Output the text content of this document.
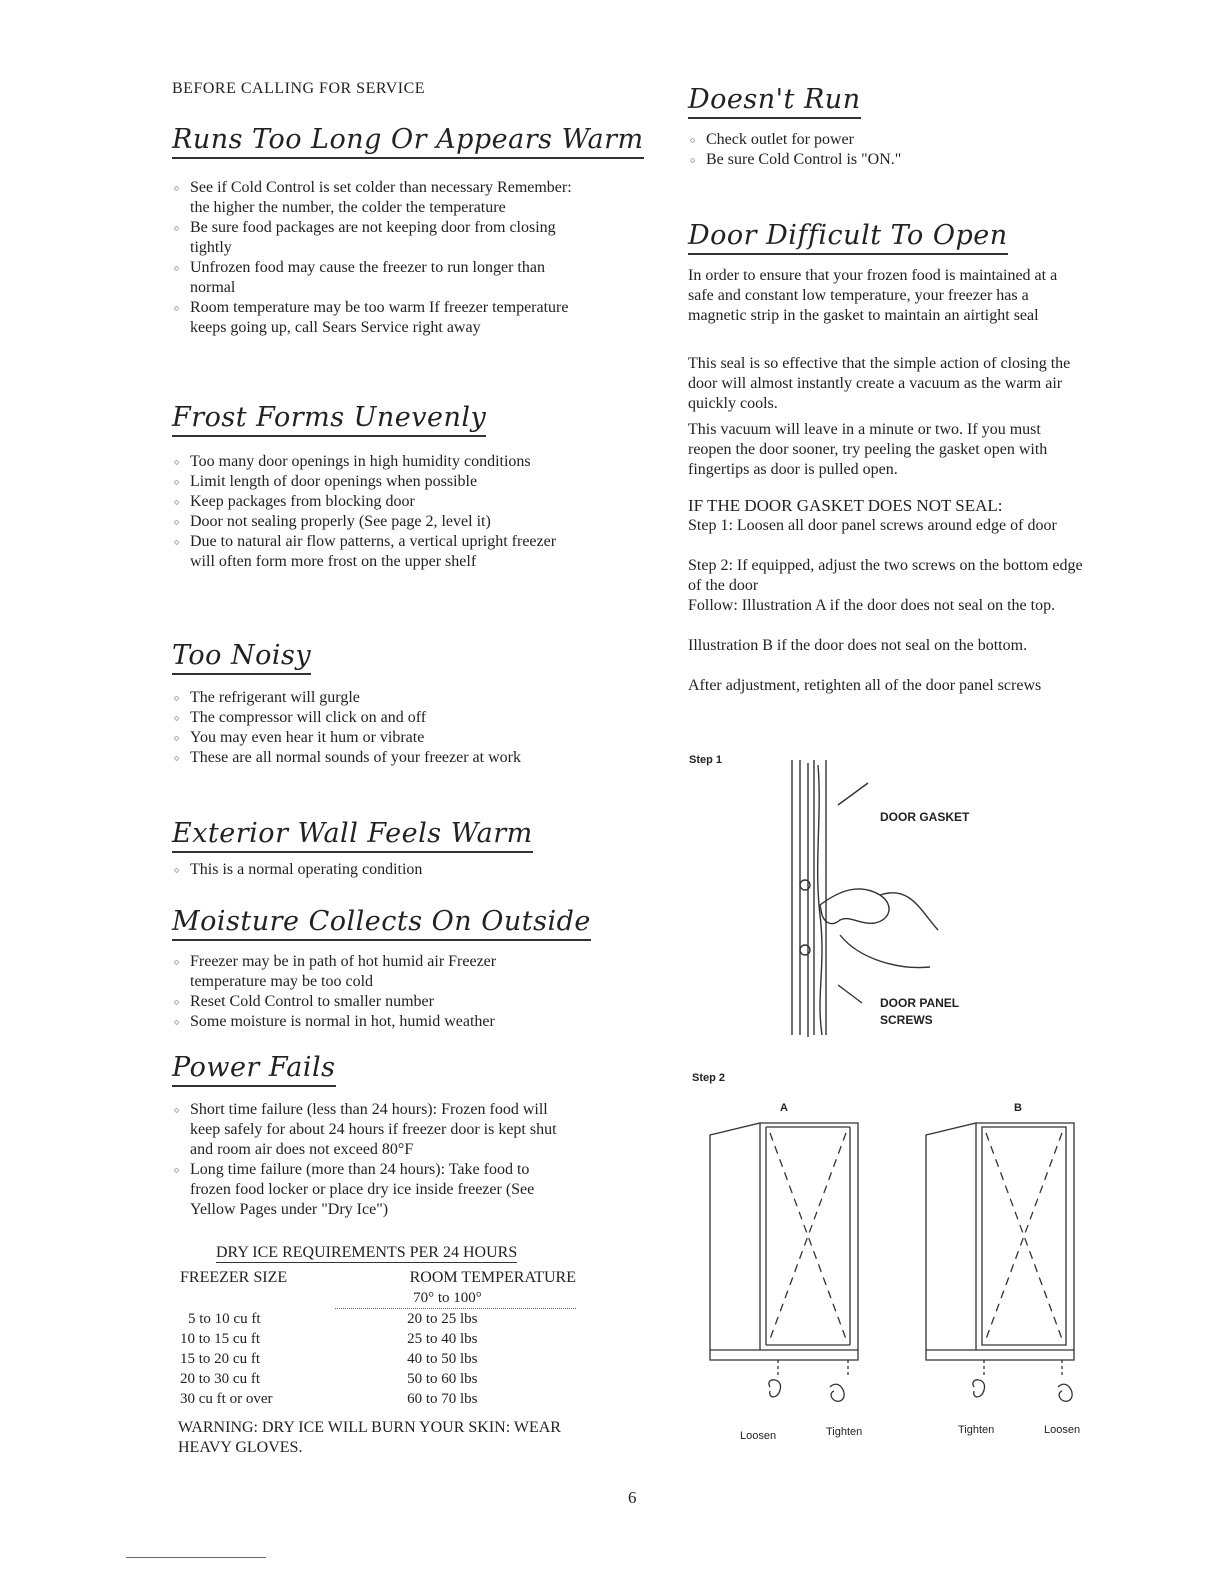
BEFORE CALLING FOR SERVICE
Runs Too Long Or Appears Warm
○ See if Cold Control is set colder than necessary Remember: the higher the number, the colder the temperature
○ Be sure food packages are not keeping door from closing tightly
○ Unfrozen food may cause the freezer to run longer than normal
○ Room temperature may be too warm If freezer temperature keeps going up, call Sears Service right away
Frost Forms Unevenly
○ Too many door openings in high humidity conditions
○ Limit length of door openings when possible
○ Keep packages from blocking door
○ Door not sealing properly (See page 2, level it)
○ Due to natural air flow patterns, a vertical upright freezer will often form more frost on the upper shelf
Too Noisy
○ The refrigerant will gurgle
○ The compressor will click on and off
○ You may even hear it hum or vibrate
○ These are all normal sounds of your freezer at work
Exterior Wall Feels Warm
○ This is a normal operating condition
Moisture Collects On Outside
○ Freezer may be in path of hot humid air Freezer temperature may be too cold
○ Reset Cold Control to smaller number
○ Some moisture is normal in hot, humid weather
Power Fails
○ Short time failure (less than 24 hours): Frozen food will keep safely for about 24 hours if freezer door is kept shut and room air does not exceed 80°F
○ Long time failure (more than 24 hours): Take food to frozen food locker or place dry ice inside freezer (See Yellow Pages under "Dry Ice")
DRY ICE REQUIREMENTS PER 24 HOURS
FREEZER SIZE	ROOM TEMPERATURE
	70° to 100°
5 to 10 cu ft	20 to 25 lbs
10 to 15 cu ft	25 to 40 lbs
15 to 20 cu ft	40 to 50 lbs
20 to 30 cu ft	50 to 60 lbs
30 cu ft or over	60 to 70 lbs

WARNING: DRY ICE WILL BURN YOUR SKIN: WEAR HEAVY GLOVES.

Doesn't Run
○ Check outlet for power
○ Be sure Cold Control is "ON."
Door Difficult To Open

In order to ensure that your frozen food is maintained at a safe and constant low temperature, your freezer has a magnetic strip in the gasket to maintain an airtight seal

This seal is so effective that the simple action of closing the door will almost instantly create a vacuum as the warm air quickly cools.

This vacuum will leave in a minute or two. If you must reopen the door sooner, try peeling the gasket open with fingertips as door is pulled open.

IF THE DOOR GASKET DOES NOT SEAL:

Step 1: Loosen all door panel screws around edge of door

Step 2: If equipped, adjust the two screws on the bottom edge of the door

Follow: Illustration A if the door does not seal on the top.

Illustration B if the door does not seal on the bottom.

After adjustment, retighten all of the door panel screws

Step 1
DOOR GASKET
DOOR PANEL
SCREWS
Step 2
A	B
Loosen	Tighten	Tighten	Loosen
6
